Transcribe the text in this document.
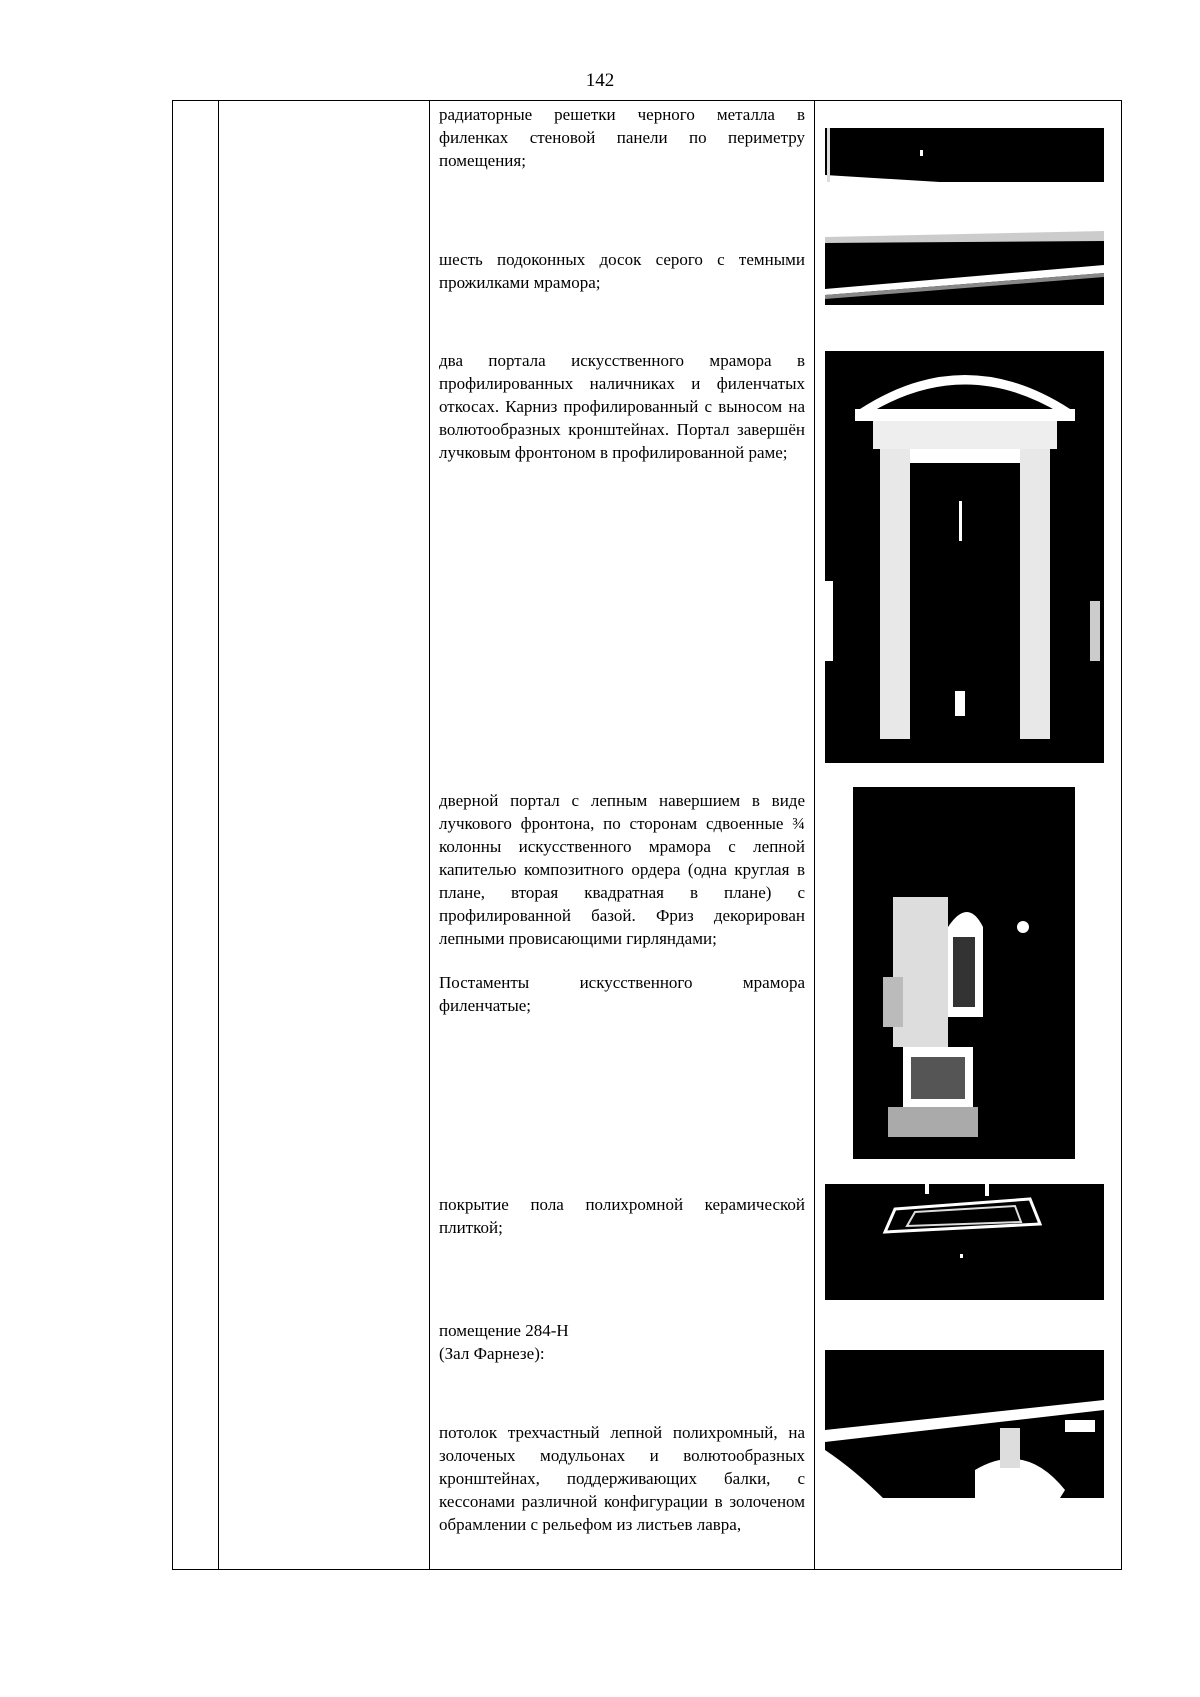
142

радиаторные решетки черного металла в филенках стеновой панели по периметру помещения;
шесть подоконных досок серого с темными прожилками мрамора;
два портала искусственного мрамора в профилированных наличниках и филенчатых откосах. Карниз профилированный с выносом на волютообразных кронштейнах. Портал завершён лучковым фронтоном в профилированной раме;
дверной портал с лепным навершием в виде лучкового фронтона, по сторонам сдвоенные ¾ колонны искусственного мрамора с лепной капителью композитного ордера (одна круглая в плане, вторая квадратная в плане) с профилированной базой. Фриз декорирован лепными провисающими гирляндами;
Постаменты искусственного мрамора филенчатые;
покрытие пола полихромной керамической плиткой;
помещение 284-Н
(Зал Фарнезе):
потолок трехчастный лепной полихромный, на золоченых модульонах и волютообразных кронштейнах, поддерживающих балки, с кессонами различной конфигурации в золоченом обрамлении с рельефом из листьев лавра,
